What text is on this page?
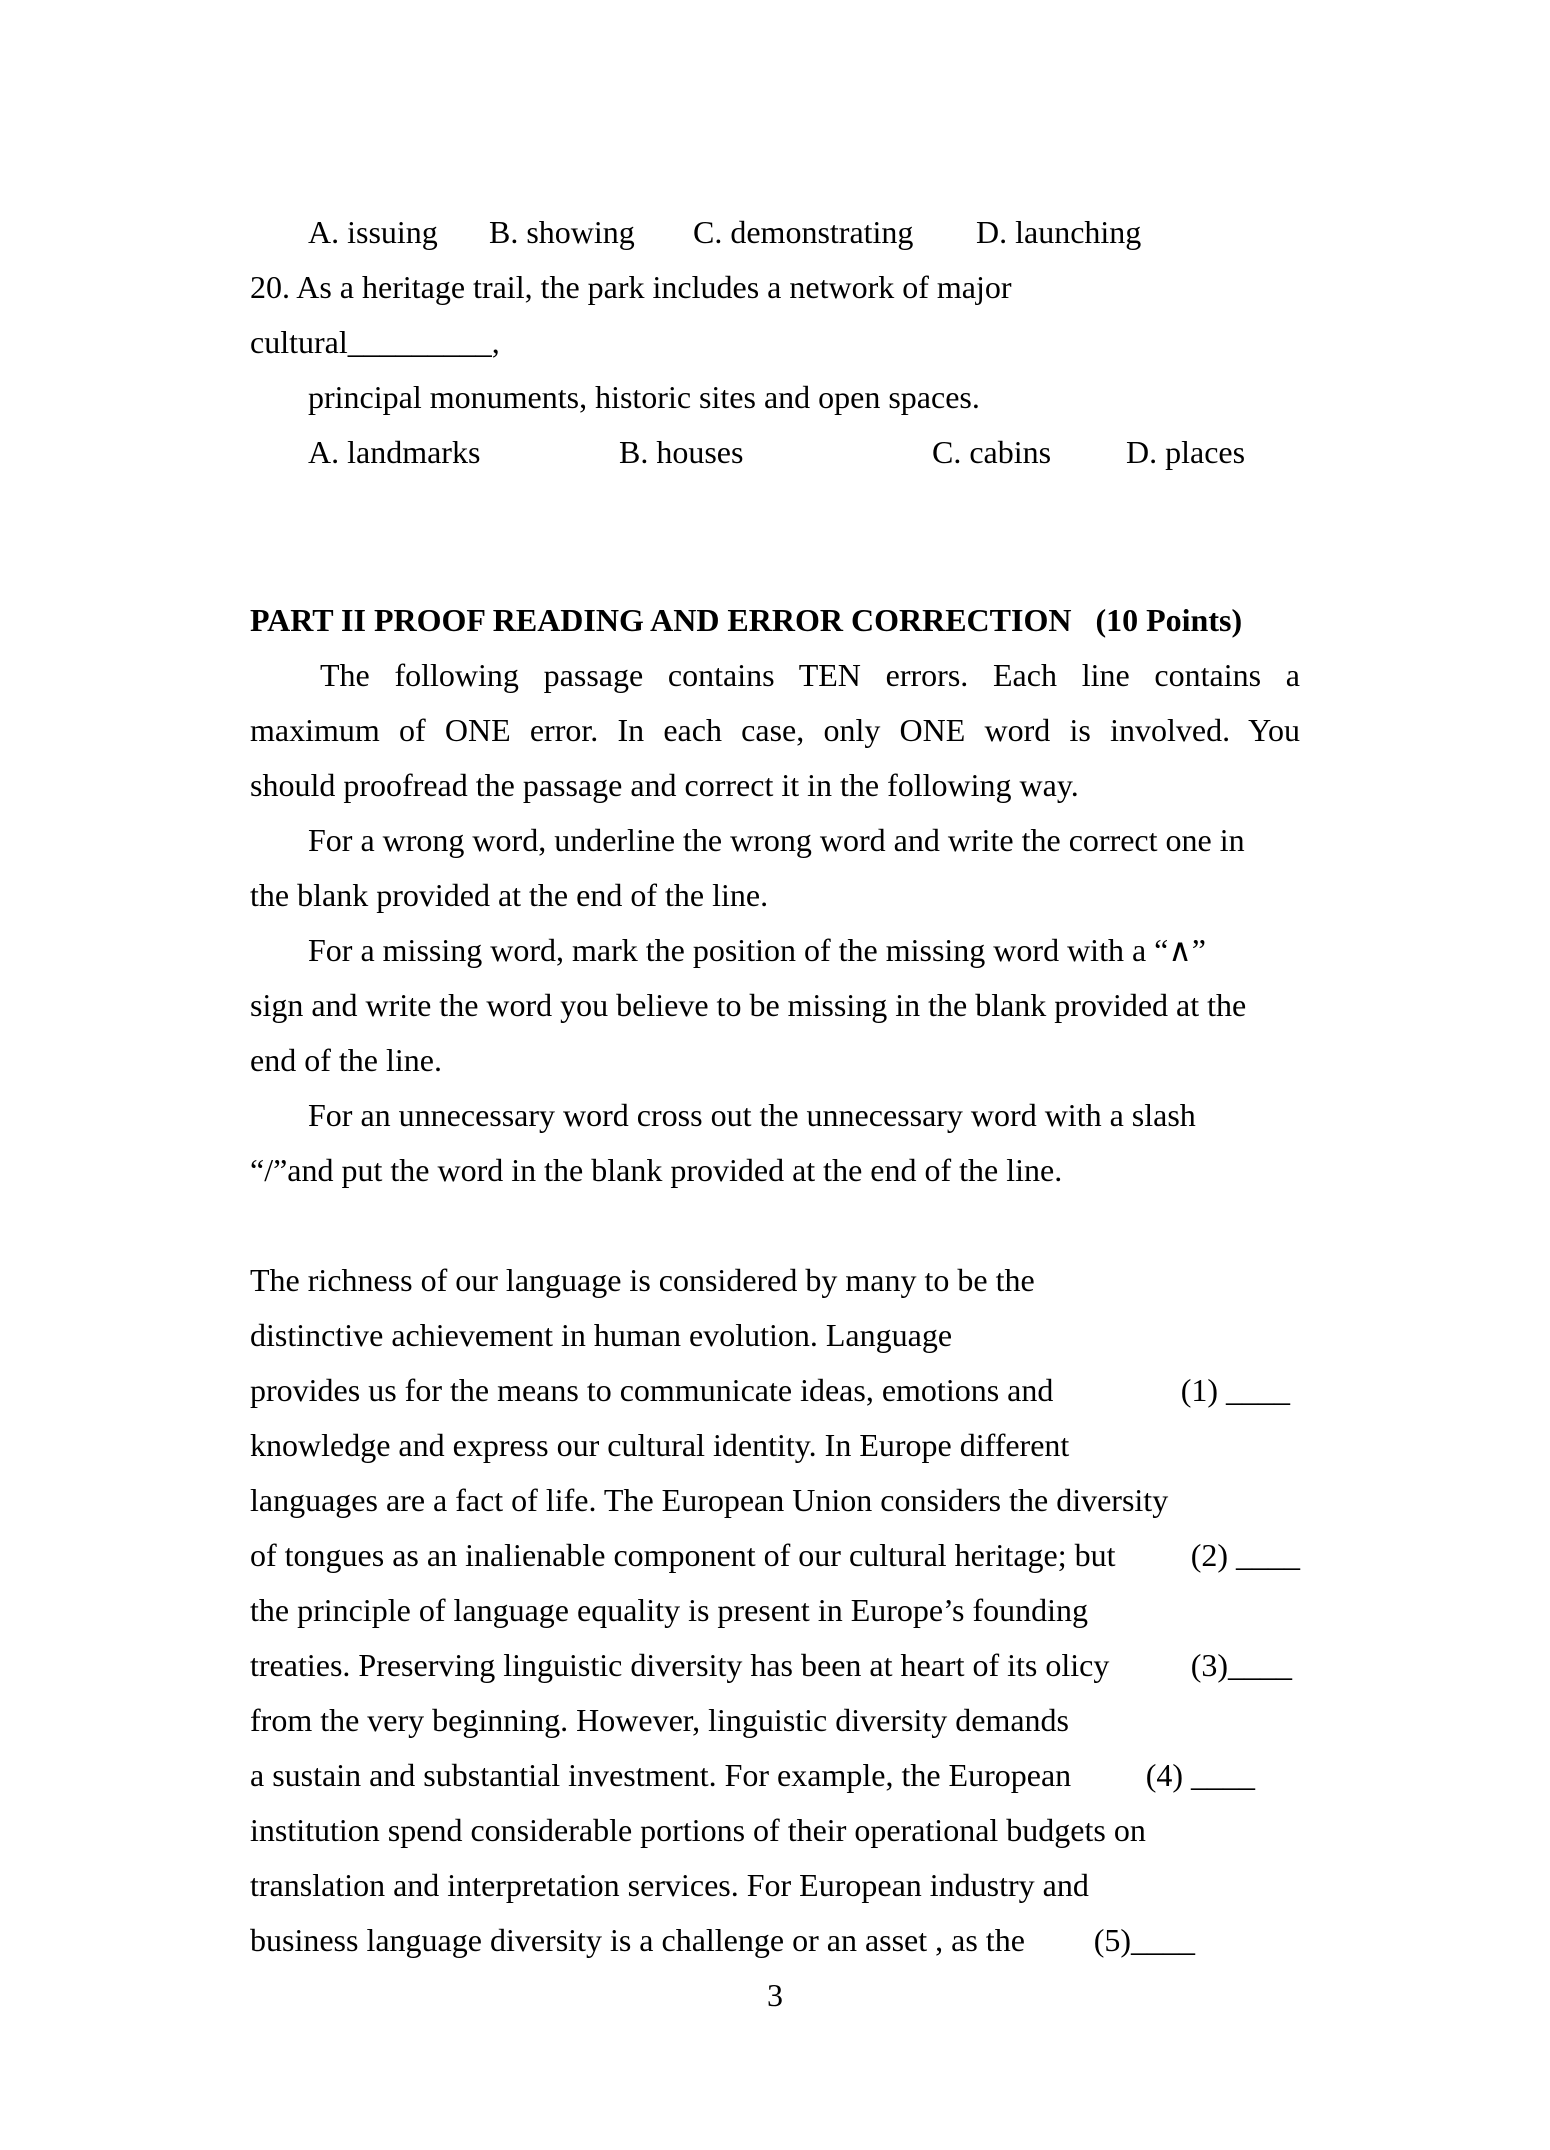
A. issuing B. showing C. demonstrating D. launching
20. As a heritage trail, the park includes a network of major
cultural_________,
principal monuments, historic sites and open spaces.
A. landmarks	B. houses	C. cabins D. places
PART II PROOF READING AND ERROR CORRECTION   (10 Points)
The following passage contains TEN errors. Each line contains a
maximum of ONE error. In each case, only ONE word is involved. You
should proofread the passage and correct it in the following way.
For a wrong word, underline the wrong word and write the correct one in
the blank provided at the end of the line.
For a missing word, mark the position of the missing word with a “∧”
sign and write the word you believe to be missing in the blank provided at the
end of the line.
For an unnecessary word cross out the unnecessary word with a slash
“/”and put the word in the blank provided at the end of the line.
The richness of our language is considered by many to be the
distinctive achievement in human evolution. Language
provides us for the means to communicate ideas, emotions and	(1) ____
knowledge and express our cultural identity. In Europe different
languages are a fact of life. The European Union considers the diversity
of tongues as an inalienable component of our cultural heritage; but (2) ____
the principle of language equality is present in Europe’s founding
treaties. Preserving linguistic diversity has been at heart of its olicy	(3)____
from the very beginning. However, linguistic diversity demands
a sustain and substantial investment. For example, the European (4) ____
institution spend considerable portions of their operational budgets on
translation and interpretation services. For European industry and
business language diversity is a challenge or an asset , as the (5)____
3
